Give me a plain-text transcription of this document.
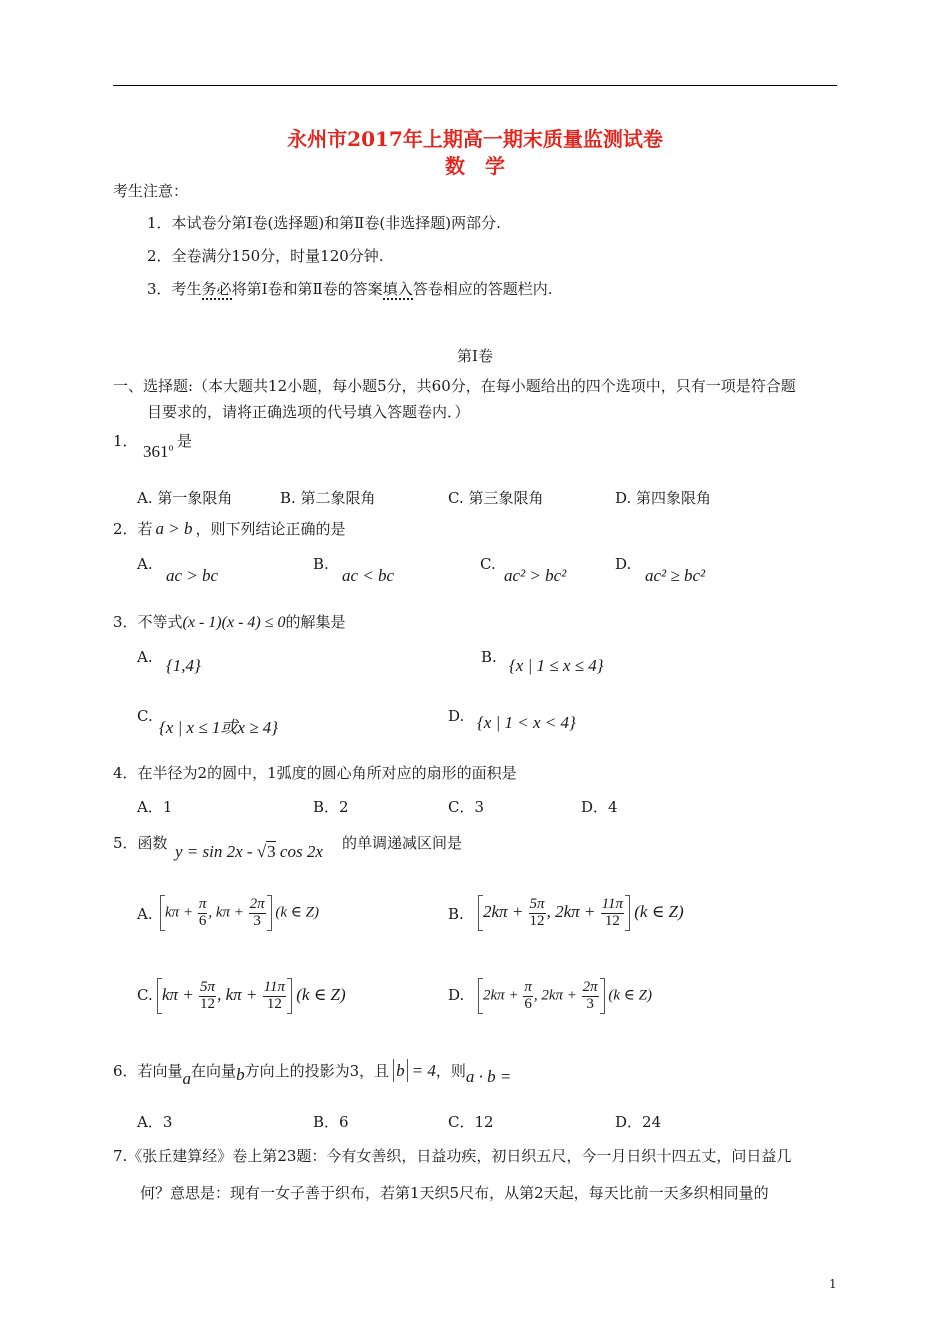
永州市2017年上期高一期末质量监测试卷
数　学
考生注意：
1．本试卷分第Ⅰ卷(选择题)和第Ⅱ卷(非选择题)两部分.
2．全卷满分150分，时量120分钟.
3．考生务必将第Ⅰ卷和第Ⅱ卷的答案填入答卷相应的答题栏内.
第Ⅰ卷
一、选择题:（本大题共12小题，每小题5分，共60分，在每小题给出的四个选项中，只有一项是符合题
目要求的，请将正确选项的代号填入答题卷内．）
1．
361$^o$ 是
A. 第一象限角	B. 第二象限角	C. 第三象限角	D. 第四象限角
2．若 a > b ，则下列结论正确的是
A.
ac > bc
B.
ac < bc
C.
ac² > bc²
D.
ac² ≥ bc²
3．不等式(x - 1)(x - 4) ≤ 0的解集是
A. {1,4}	B. {x | 1 ≤ x ≤ 4}
C.
{x | x ≤ 1或x ≥ 4}
D. {x | 1 < x < 4}
4．在半径为2的圆中，1弧度的圆心角所对应的扇形的面积是
A．1	B．2	C．3	D．4
5．函数 y = sin 2x - √3 cos 2x 的单调递减区间是
A. $k\pi + \frac{\pi}{6}$ , $k\pi + \frac{2\pi}{3} (k$ ∈ Z)	B. $2k\pi + \frac{5\pi}{12}$ , $2k\pi + \frac{11\pi}{12} (k$ ∈ Z)
C. $k\pi + \frac{5\pi}{12}$ , $k\pi + \frac{11\pi}{12} (k$ ∈ Z)	D.	$2k\pi + \frac{\pi}{6}$ , $2k\pi + \frac{2\pi}{3} (k$ ∈ Z)
6．若向量a在向量b方向上的投影为3，且 b = 4，则a · b =
A．3	B．6	C．12	D．24
7.《张丘建算经》卷上第23题：今有女善织，日益功疾，初日织五尺，今一月日织十四五丈，问日益几
何？意思是：现有一女子善于织布，若第1天织5尺布，从第2天起，每天比前一天多织相同量的
1
